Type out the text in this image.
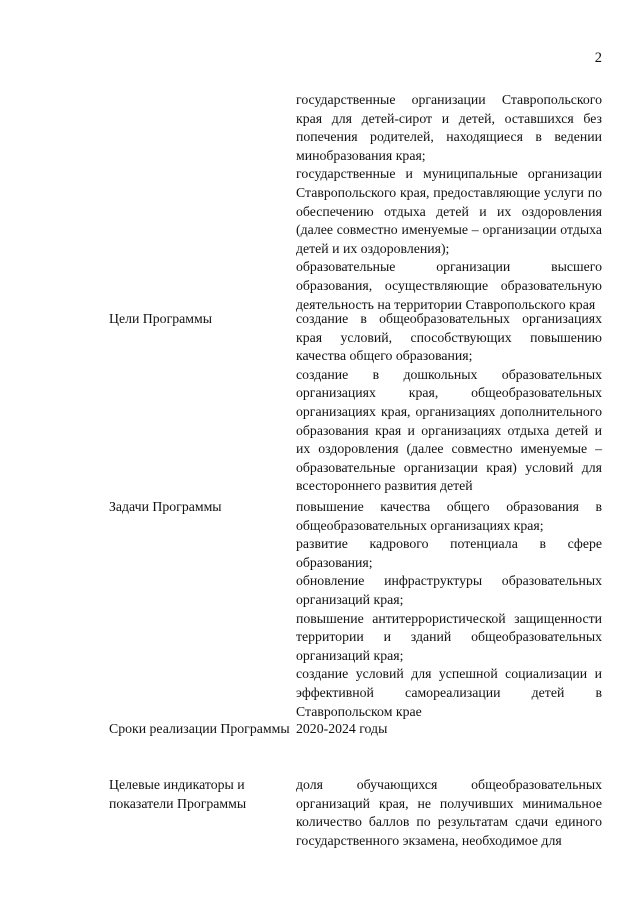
2

государственные организации Ставропольского края для детей-сирот и детей, оставшихся без попечения родителей, находящиеся в ведении минобразования края;

государственные и муниципальные организации Ставропольского края, предоставляющие услуги по обеспечению отдыха детей и их оздоровления (далее совместно именуемые – организации отдыха детей и их оздоровления);

образовательные организации высшего образования, осуществляющие образовательную деятельность на территории Ставропольского края

Цели Программы	создание в общеобразовательных организациях края условий, способствующих повышению качества общего образования;

создание в дошкольных образовательных организациях края, общеобразовательных организациях края, организациях дополнительного образования края и организациях отдыха детей и их оздоровления (далее совместно именуемые – образовательные организации края) условий для всестороннего развития детей

Задачи Программы	повышение качества общего образования в общеобразовательных организациях края;

развитие кадрового потенциала в сфере образования;

обновление инфраструктуры образовательных организаций края;

повышение антитеррористической защищенности территории и зданий общеобразовательных организаций края;

создание условий для успешной социализации и эффективной самореализации детей в Ставропольском крае

Сроки реализации Программы 2020-2024 годы

Целевые индикаторы и показатели Программы

доля обучающихся общеобразовательных организаций края, не получивших минимальное количество баллов по результатам сдачи единого государственного экзамена, необходимое для
